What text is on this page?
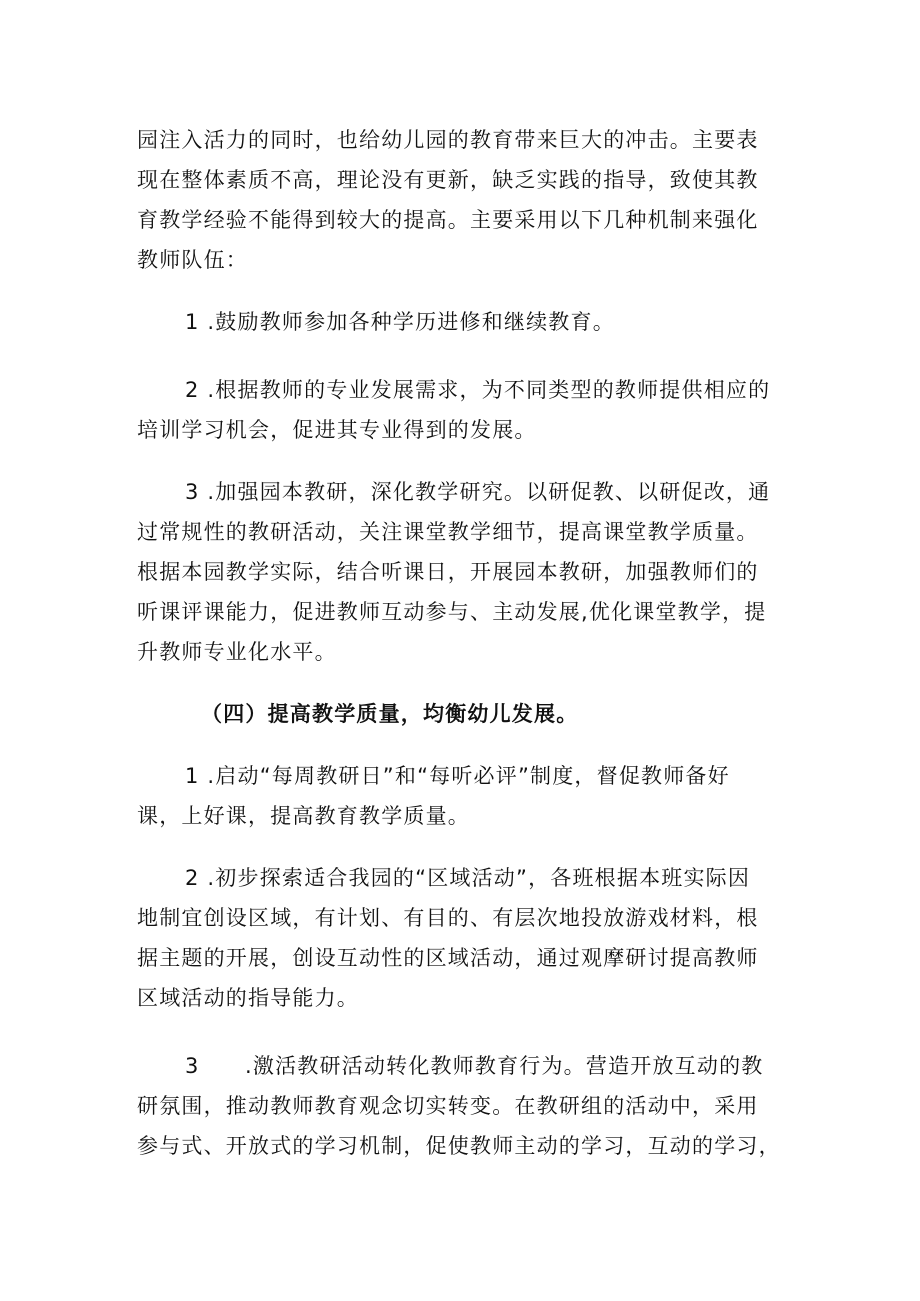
园注入活力的同时，也给幼儿园的教育带来巨大的冲击。主要表
现在整体素质不高，理论没有更新，缺乏实践的指导，致使其教
育教学经验不能得到较大的提高。主要采用以下几种机制来强化
教师队伍：

1 .鼓励教师参加各种学历进修和继续教育。

2 .根据教师的专业发展需求，为不同类型的教师提供相应的
培训学习机会，促进其专业得到的发展。

3 .加强园本教研，深化教学研究。以研促教、以研促改，通
过常规性的教研活动，关注课堂教学细节，提高课堂教学质量。
根据本园教学实际，结合听课日，开展园本教研，加强教师们的
听课评课能力，促进教师互动参与、主动发展,优化课堂教学，提
升教师专业化水平。

（四）提高教学质量，均衡幼儿发展。

1 .启动“每周教研日”和“每听必评”制度，督促教师备好
课，上好课，提高教育教学质量。

2 .初步探索适合我园的“区域活动”，各班根据本班实际因
地制宜创设区域，有计划、有目的、有层次地投放游戏材料，根
据主题的开展，创设互动性的区域活动，通过观摩研讨提高教师
区域活动的指导能力。

3 .激活教研活动转化教师教育行为。营造开放互动的教
研氛围，推动教师教育观念切实转变。在教研组的活动中，采用
参与式、开放式的学习机制，促使教师主动的学习，互动的学习，
